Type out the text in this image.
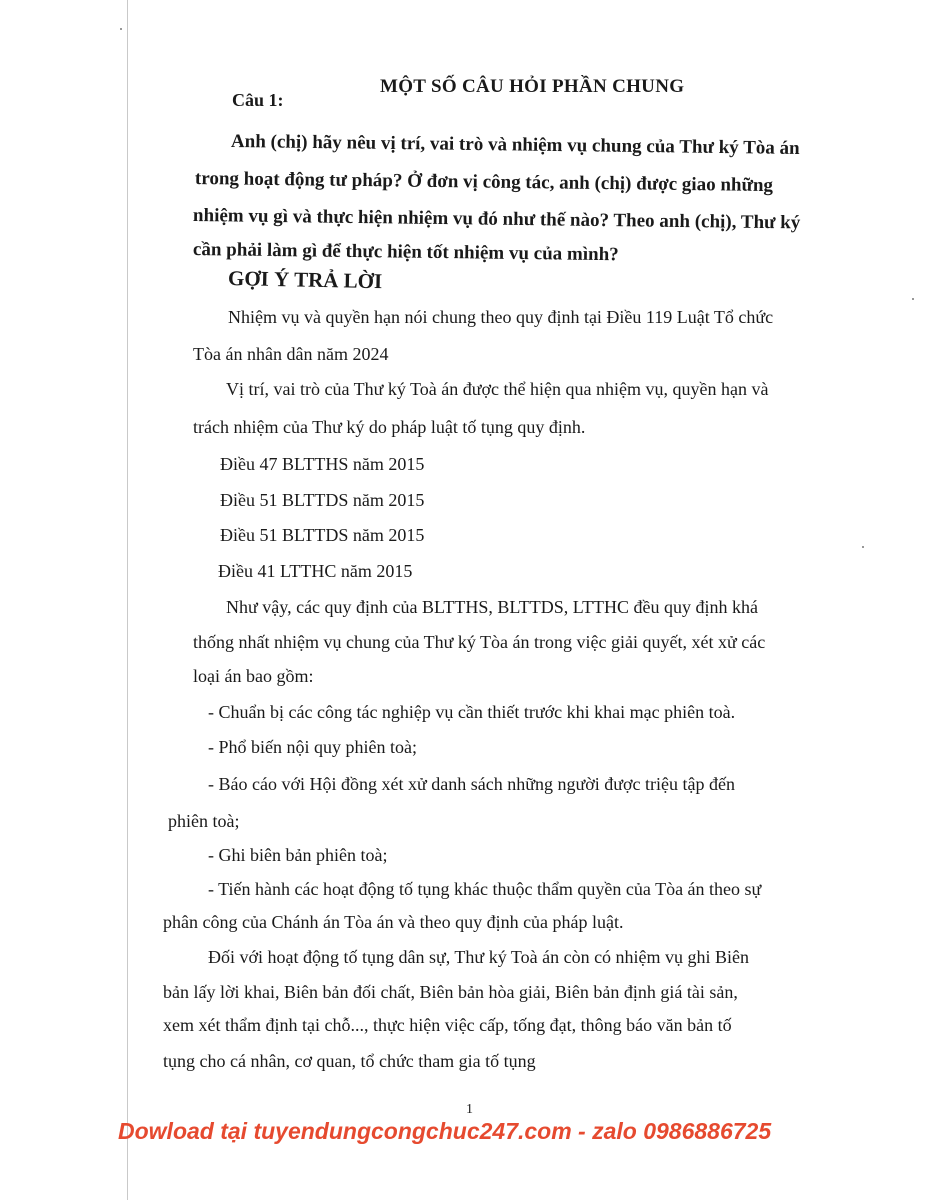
Câu 1:
MỘT SỐ CÂU HỎI PHẦN CHUNG
Anh (chị) hãy nêu vị trí, vai trò và nhiệm vụ chung của Thư ký Tòa án
trong hoạt động tư pháp? Ở đơn vị công tác, anh (chị) được giao những
nhiệm vụ gì và thực hiện nhiệm vụ đó như thế nào? Theo anh (chị), Thư ký
cần phải làm gì để thực hiện tốt nhiệm vụ của mình?
GỢI Ý TRẢ LỜI
Nhiệm vụ và quyền hạn nói chung theo quy định tại Điều 119 Luật Tổ chức
Tòa án nhân dân năm 2024
Vị trí, vai trò của Thư ký Toà án được thể hiện qua nhiệm vụ, quyền hạn và
trách nhiệm của Thư ký do pháp luật tố tụng quy định.
Điều 47 BLTTHS năm 2015
Điều 51 BLTTDS năm 2015
Điều 51 BLTTDS năm 2015
Điều 41 LTTHC năm 2015
Như vậy, các quy định của BLTTHS, BLTTDS, LTTHC đều quy định khá
thống nhất nhiệm vụ chung của Thư ký Tòa án trong việc giải quyết, xét xử các
loại án bao gồm:
- Chuẩn bị các công tác nghiệp vụ cần thiết trước khi khai mạc phiên toà.
- Phổ biến nội quy phiên toà;
- Báo cáo với Hội đồng xét xử danh sách những người được triệu tập đến
phiên toà;
- Ghi biên bản phiên toà;
- Tiến hành các hoạt động tố tụng khác thuộc thẩm quyền của Tòa án theo sự
phân công của Chánh án Tòa án và theo quy định của pháp luật.
Đối với hoạt động tố tụng dân sự, Thư ký Toà án còn có nhiệm vụ ghi Biên
bản lấy lời khai, Biên bản đối chất, Biên bản hòa giải, Biên bản định giá tài sản,
xem xét thẩm định tại chỗ..., thực hiện việc cấp, tống đạt, thông báo văn bản tố
tụng cho cá nhân, cơ quan, tổ chức tham gia tố tụng
1
Dowload tại tuyendungcongchuc247.com - zalo 0986886725
